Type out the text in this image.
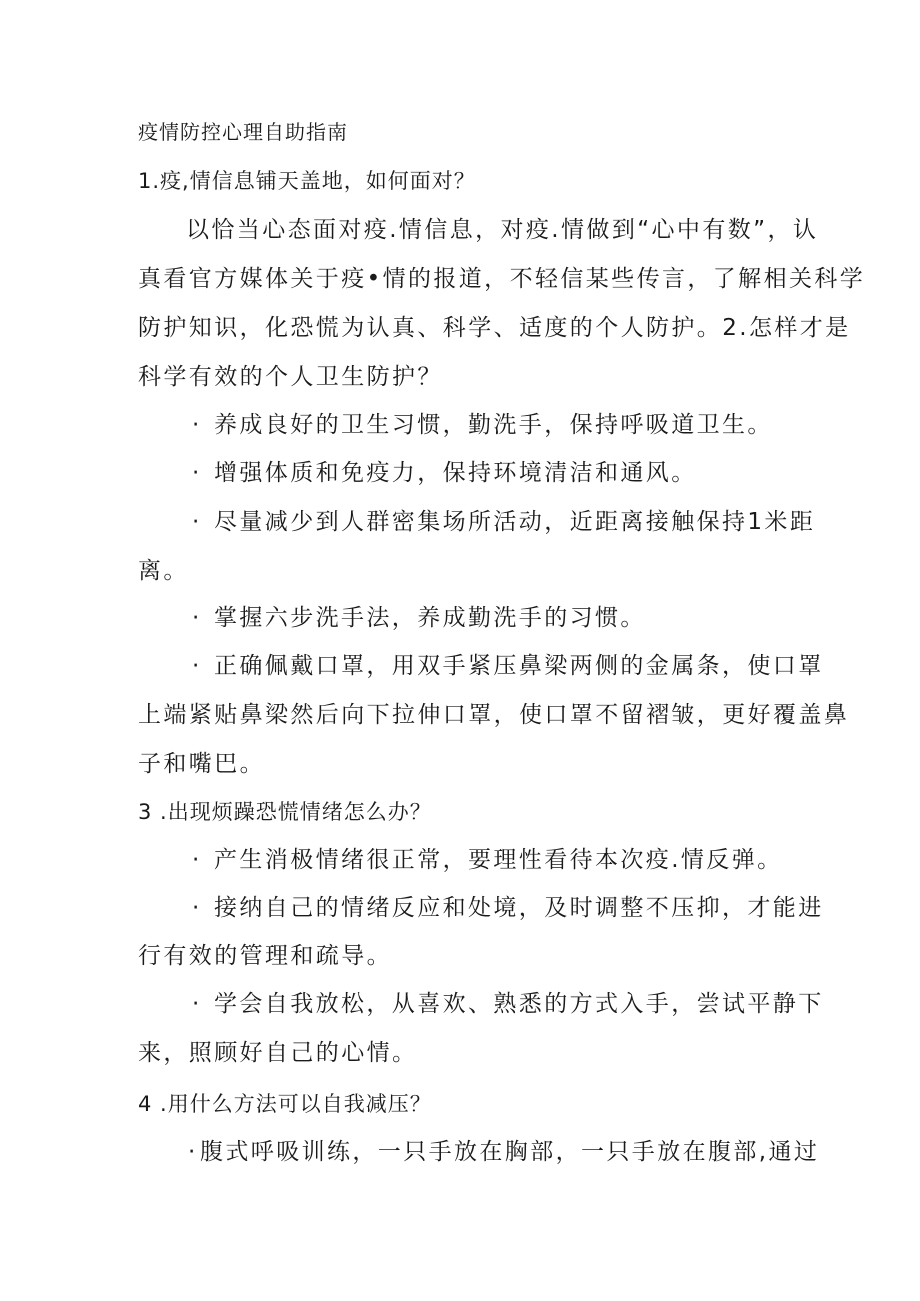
疫情防控心理自助指南
1.疫,情信息铺天盖地，如何面对？
以恰当心态面对疫.情信息，对疫.情做到“心中有数”，认
真看官方媒体关于疫•情的报道，不轻信某些传言，了解相关科学
防护知识，化恐慌为认真、科学、适度的个人防护。2.怎样才是
科学有效的个人卫生防护？
· 养成良好的卫生习惯，勤洗手，保持呼吸道卫生。
· 增强体质和免疫力，保持环境清洁和通风。
· 尽量减少到人群密集场所活动，近距离接触保持1米距
离。
· 掌握六步洗手法，养成勤洗手的习惯。
· 正确佩戴口罩，用双手紧压鼻梁两侧的金属条，使口罩
上端紧贴鼻梁然后向下拉伸口罩，使口罩不留褶皱，更好覆盖鼻
子和嘴巴。
3 .出现烦躁恐慌情绪怎么办？
· 产生消极情绪很正常，要理性看待本次疫.情反弹。
· 接纳自己的情绪反应和处境，及时调整不压抑，才能进
行有效的管理和疏导。
· 学会自我放松，从喜欢、熟悉的方式入手，尝试平静下
来，照顾好自己的心情。
4 .用什么方法可以自我减压？
·腹式呼吸训练，一只手放在胸部，一只手放在腹部,通过
